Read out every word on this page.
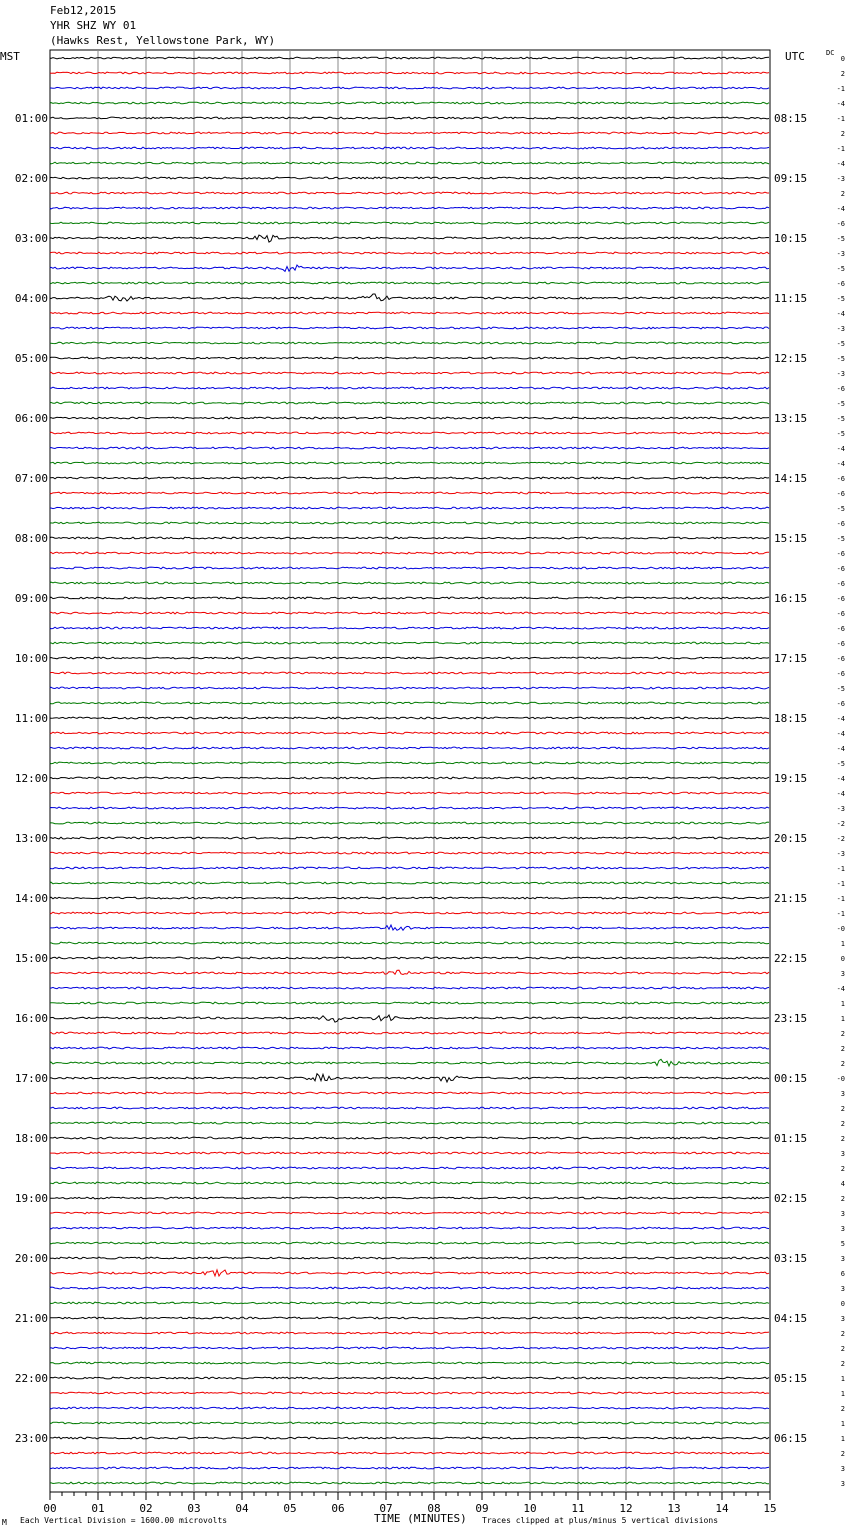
Feb12,2015
YHR SHZ WY 01
(Hawks Rest, Yellowstone Park, WY)
MST	UTC	DC
0
2
-1
-4
-1
2
-1
-4
-3
2
-4
-6
-5
-3
-5
-6
-5
-4
-3
-5
-5
-3
-6
-5
-5
-5
-4
-4
-6
-6
-5
-6
-5
-6
-6
-6
-6
-6
-6
-6
-6
-6
-5
-6
-4
-4
-4
-5
-4
-4
-3
-2
-2
-3
-1
-1
-1
-1
-0
1
0
3
-4
1
1
2
2
2
-0
3
2
2
2
3
2
4
2
3
3
5
3
6
3
0
3
2
2
2
1
1
2
1
1
2
3
3
01:00
02:00
03:00
04:00
05:00
06:00
07:00
08:00
09:00
10:00
11:00
12:00
13:00
14:00
15:00
16:00
17:00
18:00
19:00
20:00
21:00
22:00
23:00
08:15
09:15
10:15
11:15
12:15
13:15
14:15
15:15
16:15
17:15
18:15
19:15
20:15
21:15
22:15
23:15
00:15
01:15
02:15
03:15
04:15
05:15
06:15
00	01	02	03	04	05	06	07	08	09	10	11	12	13	14	15
M Each Vertical Division = 1600.00 microvolts	TIME (MINUTES) Traces clipped at plus/minus 5 vertical divisions
